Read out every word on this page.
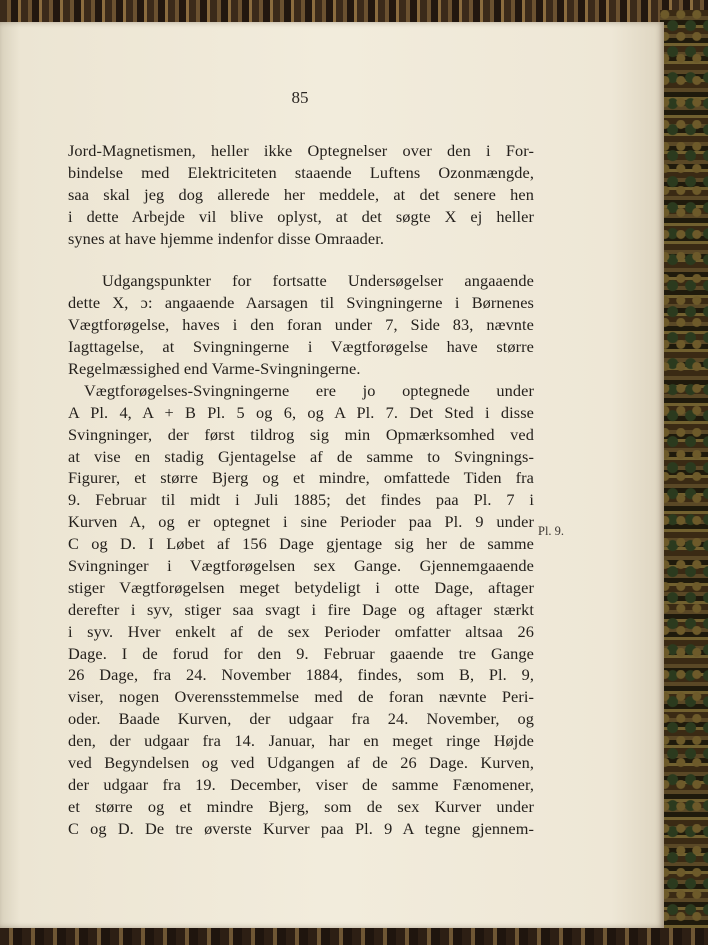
85
Jord-Magnetismen, heller ikke Optegnelser over den i For-
bindelse med Elektriciteten staaende Luftens Ozonmængde,
saa skal jeg dog allerede her meddele, at det senere hen
i dette Arbejde vil blive oplyst, at det søgte X ej heller
synes at have hjemme indenfor disse Omraader.
Udgangspunkter for fortsatte Undersøgelser angaaende
dette X, ɔ: angaaende Aarsagen til Svingningerne i Børnenes
Vægtforøgelse, haves i den foran under 7, Side 83, nævnte
Iagttagelse, at Svingningerne i Vægtforøgelse have større
Regelmæssighed end Varme-Svingningerne.
Vægtforøgelses-Svingningerne ere jo optegnede under
A Pl. 4, A + B Pl. 5 og 6, og A Pl. 7. Det Sted i disse
Svingninger, der først tildrog sig min Opmærksomhed ved
at vise en stadig Gjentagelse af de samme to Svingnings-
Figurer, et større Bjerg og et mindre, omfattede Tiden fra
9. Februar til midt i Juli 1885; det findes paa Pl. 7 i
Kurven A, og er optegnet i sine Perioder paa Pl. 9 under
C og D. I Løbet af 156 Dage gjentage sig her de samme
Svingninger i Vægtforøgelsen sex Gange. Gjennemgaaende
stiger Vægtforøgelsen meget betydeligt i otte Dage, aftager
derefter i syv, stiger saa svagt i fire Dage og aftager stærkt
i syv. Hver enkelt af de sex Perioder omfatter altsaa 26
Dage. I de forud for den 9. Februar gaaende tre Gange
26 Dage, fra 24. November 1884, findes, som B, Pl. 9,
viser, nogen Overensstemmelse med de foran nævnte Peri-
oder. Baade Kurven, der udgaar fra 24. November, og
den, der udgaar fra 14. Januar, har en meget ringe Højde
ved Begyndelsen og ved Udgangen af de 26 Dage. Kurven,
der udgaar fra 19. December, viser de samme Fænomener,
et større og et mindre Bjerg, som de sex Kurver under
C og D. De tre øverste Kurver paa Pl. 9 A tegne gjennem-
Pl. 9.
